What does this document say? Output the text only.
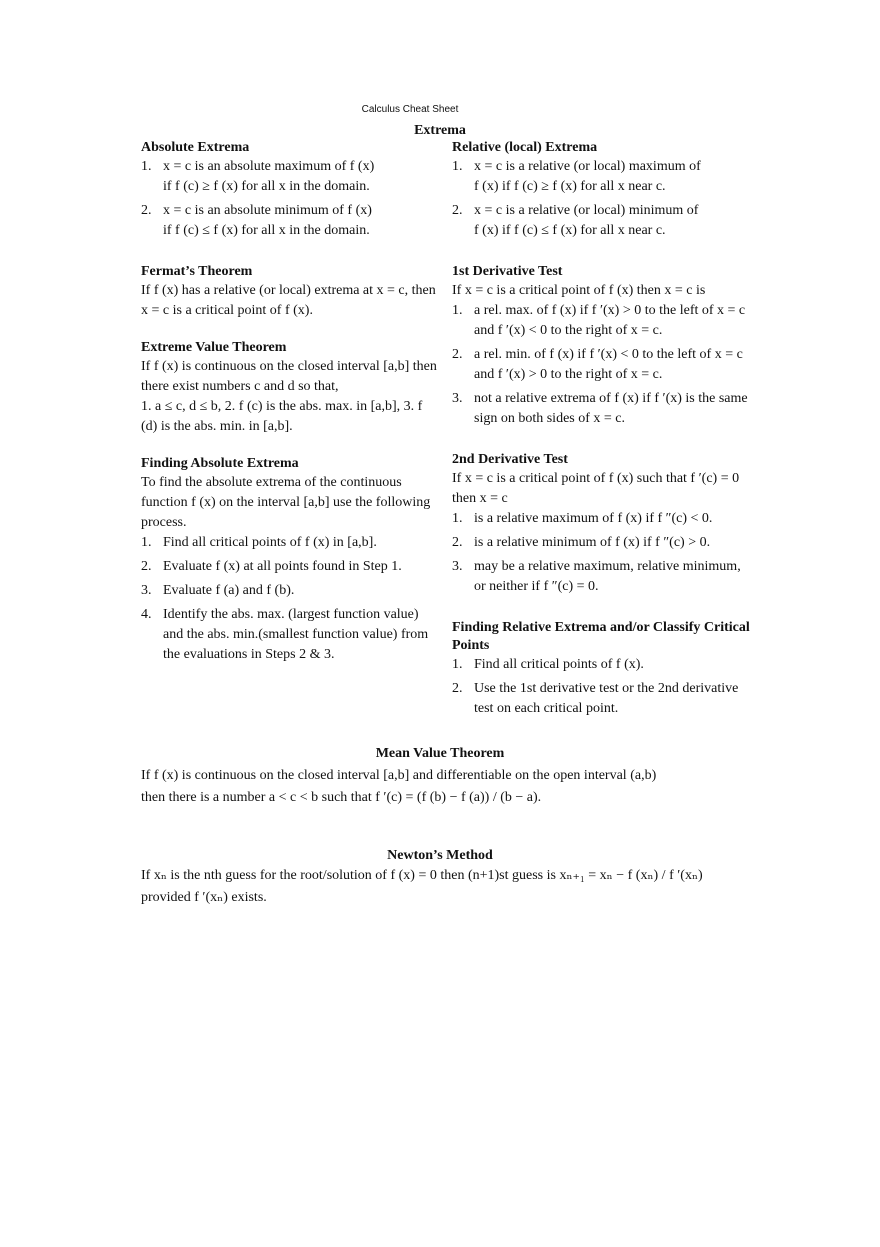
Calculus Cheat Sheet
Extrema
Absolute Extrema
1. x = c is an absolute maximum of f (x)
if f (c) ≥ f (x) for all x in the domain.
2. x = c is an absolute minimum of f (x)
if f (c) ≤ f (x) for all x in the domain.
Fermat’s Theorem

If f (x) has a relative (or local) extrema at x = c, then x = c is a critical point of f (x).

Extreme Value Theorem

If f (x) is continuous on the closed interval [a,b] then there exist numbers c and d so that,

1. a ≤ c, d ≤ b, 2. f (c) is the abs. max. in [a,b], 3. f (d) is the abs. min. in [a,b].

Finding Absolute Extrema

To find the absolute extrema of the continuous function f (x) on the interval [a,b] use the following process.

1. Find all critical points of f (x) in [a,b].
2. Evaluate f (x) at all points found in Step 1.
3. Evaluate f (a) and f (b).
4. Identify the abs. max. (largest function value) and the abs. min.(smallest function value) from the evaluations in Steps 2 & 3.
Relative (local) Extrema
1. x = c is a relative (or local) maximum of
f (x) if f (c) ≥ f (x) for all x near c.
2. x = c is a relative (or local) minimum of
f (x) if f (c) ≤ f (x) for all x near c.
1st Derivative Test

If x = c is a critical point of f (x) then x = c is

1. a rel. max. of f (x) if f ′(x) > 0 to the left of x = c and f ′(x) < 0 to the right of x = c.
2. a rel. min. of f (x) if f ′(x) < 0 to the left of x = c and f ′(x) > 0 to the right of x = c.
3. not a relative extrema of f (x) if f ′(x) is the same sign on both sides of x = c.
2nd Derivative Test

If x = c is a critical point of f (x) such that f ′(c) = 0 then x = c

1. is a relative maximum of f (x) if f ″(c) < 0.
2. is a relative minimum of f (x) if f ″(c) > 0.
3. may be a relative maximum, relative minimum, or neither if f ″(c) = 0.
Finding Relative Extrema and/or Classify Critical Points
1. Find all critical points of f (x).
2. Use the 1st derivative test or the 2nd derivative test on each critical point.
Mean Value Theorem

If f (x) is continuous on the closed interval [a,b] and differentiable on the open interval (a,b)

then there is a number a < c < b such that f ′(c) = (f (b) − f (a)) / (b − a).

Newton’s Method

If xₙ is the nth guess for the root/solution of f (x) = 0 then (n+1)st guess is xₙ₊₁ = xₙ − f (xₙ) / f ′(xₙ)

provided f ′(xₙ) exists.
